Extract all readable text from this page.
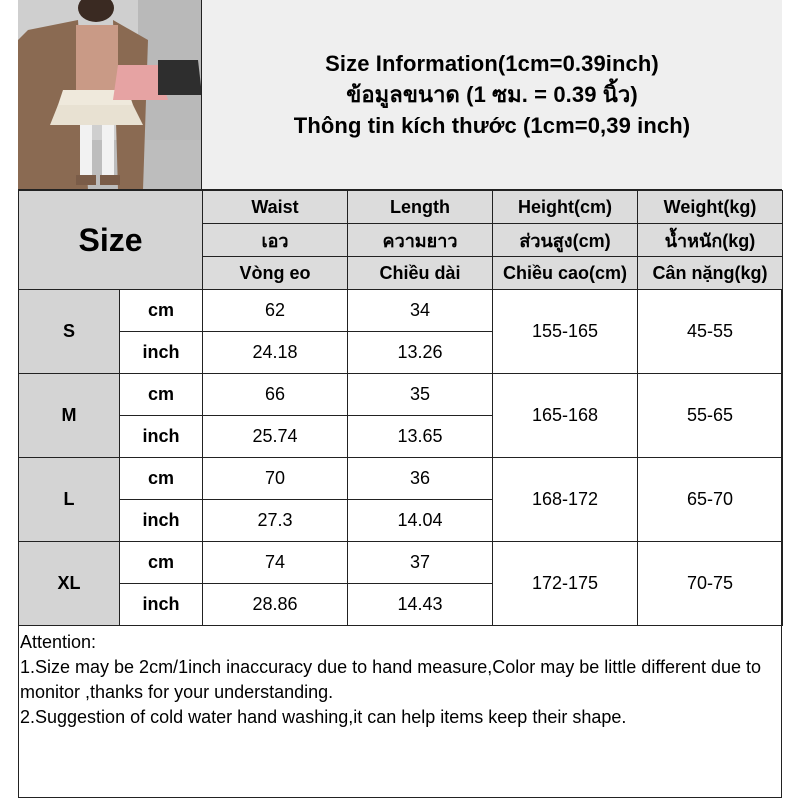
Size Information(1cm=0.39inch)
ข้อมูลขนาด (1 ซม. = 0.39 นิ้ว)
Thông tin kích thước (1cm=0,39 inch)
Size		Waist	Length	Height(cm)	Weight(kg)
		เอว	ความยาว	ส่วนสูง(cm)	น้ำหนัก(kg)
		Vòng eo	Chiều dài	Chiều cao(cm)	Cân nặng(kg)
S	cm	62	34	155-165	45-55
	inch	24.18	13.26		
M	cm	66	35	165-168	55-65
	inch	25.74	13.65		
L	cm	70	36	168-172	65-70
	inch	27.3	14.04		
XL	cm	74	37	172-175	70-75
	inch	28.86	14.43		
Attention:
1.Size may be 2cm/1inch inaccuracy due to hand measure,Color may be little different due to monitor ,thanks for your understanding.
2.Suggestion of cold water hand washing,it can help items keep their shape.
